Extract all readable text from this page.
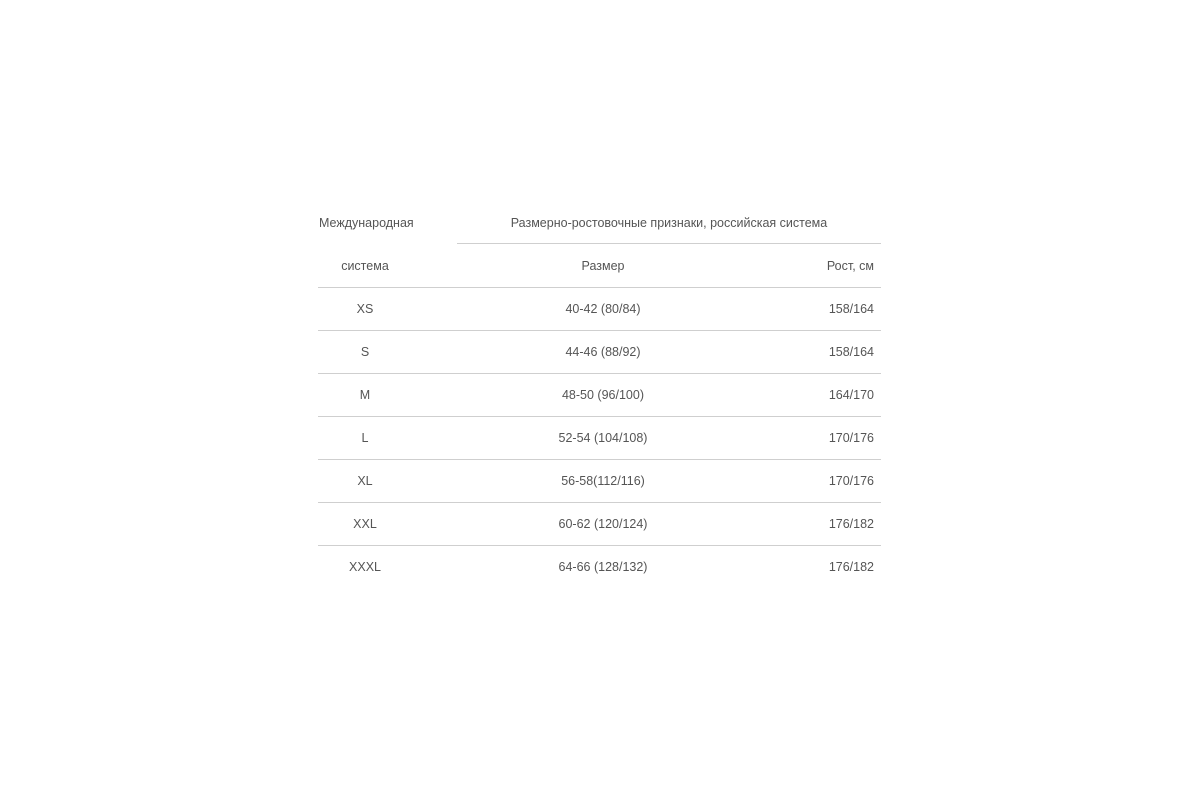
Международная	Размерно-ростовочные признаки, российская система
система	Размер	Рост, см
XS	40-42 (80/84)	158/164
S	44-46 (88/92)	158/164
M	48-50 (96/100)	164/170
L	52-54 (104/108)	170/176
XL	56-58(112/116)	170/176
XXL	60-62 (120/124)	176/182
XXXL	64-66 (128/132)	176/182
